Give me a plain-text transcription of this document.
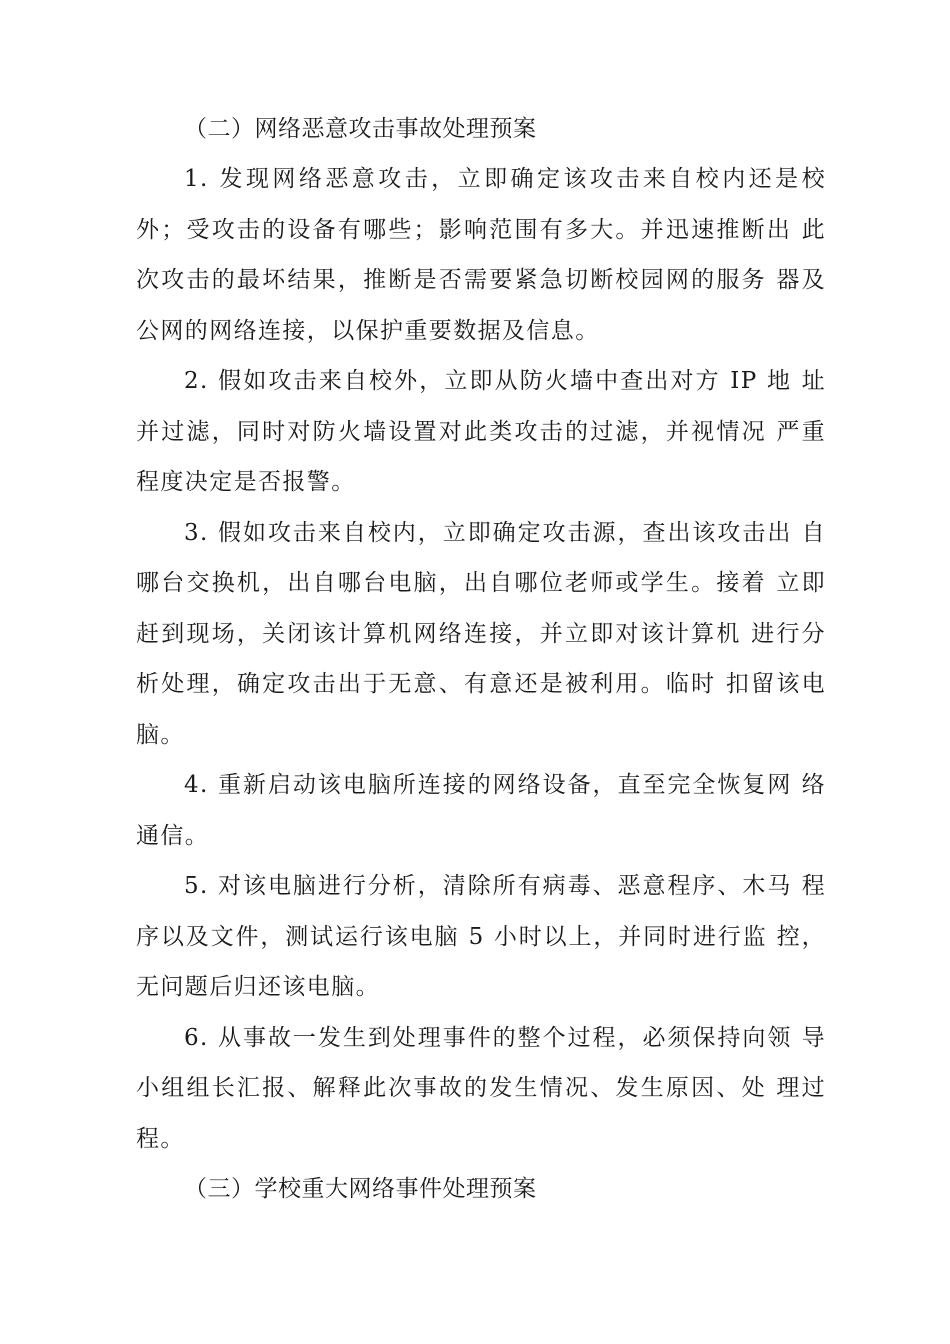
（二）网络恶意攻击事故处理预案

1. 发现网络恶意攻击，立即确定该攻击来自校内还是校外；受攻击的设备有哪些；影响范围有多大。并迅速推断出 此次攻击的最坏结果，推断是否需要紧急切断校园网的服务 器及公网的网络连接，以保护重要数据及信息。

2. 假如攻击来自校外，立即从防火墙中查出对方 IP 地 址并过滤，同时对防火墙设置对此类攻击的过滤，并视情况 严重程度决定是否报警。

3. 假如攻击来自校内，立即确定攻击源，查出该攻击出 自哪台交换机，出自哪台电脑，出自哪位老师或学生。接着 立即赶到现场，关闭该计算机网络连接，并立即对该计算机 进行分析处理，确定攻击出于无意、有意还是被利用。临时 扣留该电脑。

4. 重新启动该电脑所连接的网络设备，直至完全恢复网 络通信。

5. 对该电脑进行分析，清除所有病毒、恶意程序、木马 程序以及文件，测试运行该电脑 5 小时以上，并同时进行监 控，无问题后归还该电脑。

6. 从事故一发生到处理事件的整个过程，必须保持向领 导小组组长汇报、解释此次事故的发生情况、发生原因、处 理过程。

（三）学校重大网络事件处理预案
